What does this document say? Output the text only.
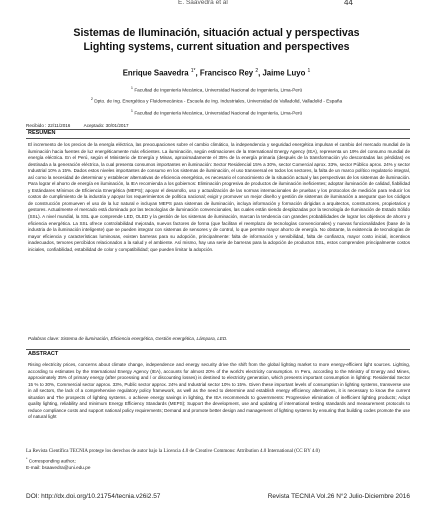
E. Saavedra et al	44
Sistemas de Iluminación, situación actual y perspectivas
Lighting systems, current situation and perspectives
Enrique Saavedra $^{1*}$, Francisco Rey $^2$, Jaime Luyo $^1$
$^1$ Facultad de Ingeniería Mecánica, Universidad Nacional de Ingeniería, Lima-Perú
$^2$ Dpto. de Ing. Energética y Fluidomecánica - Escuela de Ing. Industriales, Universidad de Valladolid, Valladolid - España
$^1$ Facultad de Ingeniería Mecánica, Universidad Nacional de Ingeniería, Lima-Perú
Recibido : 22/11/2016	Aceptado: 30/01/2017
RESUMEN
El incremento de los precios de la energía eléctrica, las preocupaciones sobre el cambio climático, la independencia y seguridad energética impulsan el cambio del mercado mundial de la iluminación hacia fuentes de luz energéticamente más eficientes. La iluminación, según estimaciones de la International Energy Agency (IEA), representa un 19% del consumo mundial de energía eléctrica. En el Perú, según el Ministerio de Energía y Minas, aproximadamente el 35% de la energía primaria (después de la transformación y/o descontadas las pérdidas) es destinada a la generación eléctrica, la cual presenta consumos importantes en iluminación: Sector Residencial 15% a 30%, sector Comercial aprox. 33%, sector Público aprox. 24% y sector Industrial 10% a 15%. Dados estos niveles importantes de consumo en los sistemas de iluminación, el uso transversal en todos los sectores, la falta de un marco político regulatorio integral, así como la necesidad de determinar y establecer alternativas de eficiencia energética, es necesario el conocimiento de la situación actual y las perspectivas de los sistemas de iluminación. Para lograr el ahorro de energía en iluminación, la IEA recomienda a los gobiernos: Eliminación progresiva de productos de iluminación ineficientes; adoptar iluminación de calidad, fiabilidad y Estándares Mínimos de Eficiencia Energética (MEPS); apoyar el desarrollo, uso y actualización de las normas internacionales de pruebas y los protocolos de medición para reducir los costos de cumplimiento de la industria y apoyar los requerimientos de política nacional; exigir y promover un mejor diseño y gestión de sistemas de iluminación a asegurar que los códigos de construcción promueven el uso de la luz natural e incluyan MEPS para sistemas de iluminación, incluya información y formación dirigidas a arquitectos, constructores, propietarios y gestores. Actualmente el mercado está dominado por las tecnologías de iluminación convencionales, las cuales están siendo desplazadas por la tecnología de Iluminación de Estado Sólido (SSL). A nivel mundial, la SSL que comprende LED, OLED y la gestión de los sistemas de iluminación, marcan la tendencia con grandes probabilidades de lograr los objetivos de ahorro y eficiencia energética. La SSL ofrece controlabilidad mejorada, nuevos factores de forma (que facilitan el reemplazo de tecnologías convencionales) y nuevas funcionalidades (base de la industria de la iluminación inteligente) que se pueden integrar con sistemas de sensores y de control, lo que permite mayor ahorro de energía. No obstante, la existencia de tecnologías de mayor eficiencia y características luminosas, existen barreras para su adopción, principalmente: falta de información y sensibilidad, falta de confianza, mayor costo inicial, incentivos inadecuados, temores percibidos relacionados a la salud y el ambiente. Así mismo, hay una serie de barreras para la adopción de productos SSL, estos comprenden principalmente costos iniciales, confiabilidad, estabilidad de color y compatibilidad; que pueden limitar la adopción.
Palabras clave: Sistema de iluminación, Eficiencia energética, Gestión energética, Lámpara, LED.
ABSTRACT
Rising electricity prices, concerns about climate change, independence and energy security drive the shift from the global lighting market to more energy-efficient light sources. Lighting, according to estimates by the International Energy Agency (IEA), accounts for almost 20% of the world's electricity consumption. In Peru, according to the Ministry of Energy and Mines, approximately 35% of primary energy (after processing and / or discounting losses) is destined to electricity generation, which presents important consumption in lighting: Residential Sector 15 % to 30%, Commercial sector approx. 33%, Public sector approx. 24% and Industrial sector 10% to 15%. Given these important levels of consumption in lighting systems, transverse use in all sectors, the lack of a comprehensive regulatory policy framework, as well as the need to determine and establish energy efficiency alternatives, it is necessary to know the current situation and The prospects of lighting systems. o achieve energy savings in lighting, the IEA recommends to governments: Progressive elimination of inefficient lighting products; Adopt quality lighting, reliability and minimum Energy Efficiency Standards (MEPS); Support the development, use and updating of international testing standards and measurement protocols to reduce compliance costs and support national policy requirements; Demand and promote better design and management of lighting systems by ensuring that building codes promote the use of natural light
La Revista Científica TECNIA protege los derechos de autor bajo la Licencia 4.0 de Creative Commons: Attribution 4.0 International (CC BY 4.0)
* Corresponding author.:
E-mail: bsaavedra@uni.edu.pe
DOI: http://dx.doi.org/10.21754/tecnia.v26i2.57	Revista TECNIA Vol.26 N°2 Julio-Diciembre 2016
